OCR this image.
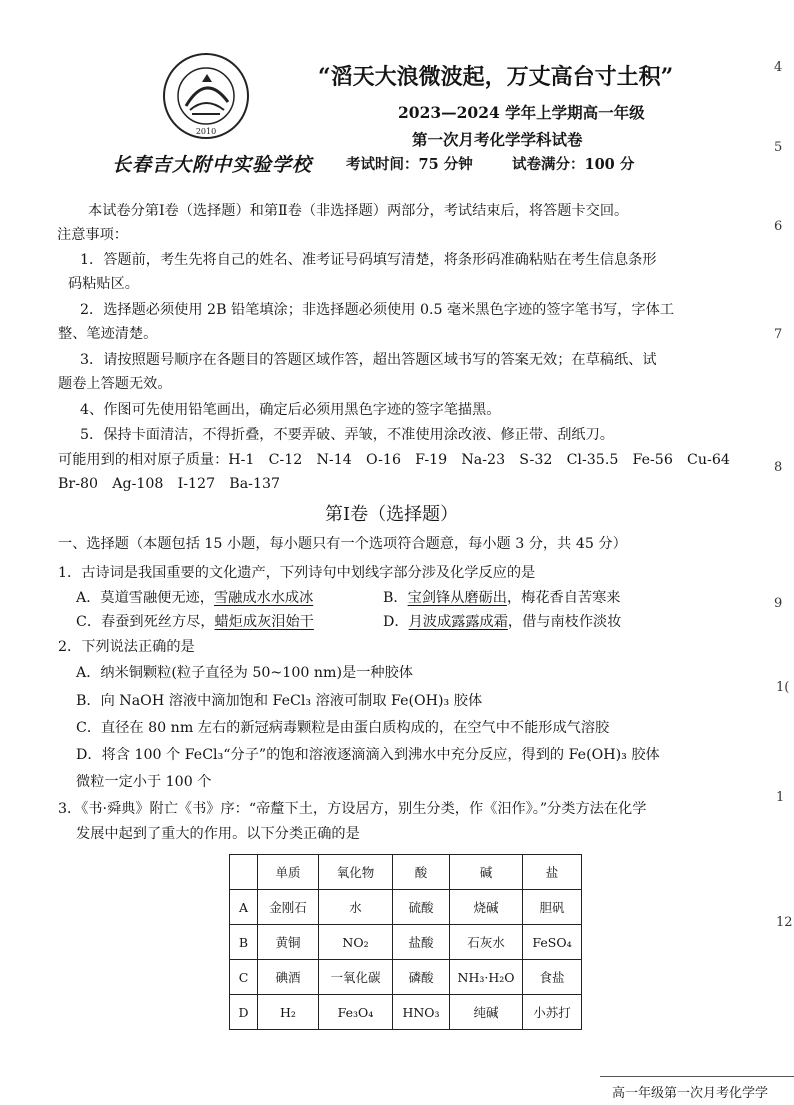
2010
长春吉大附中实验学校
“滔天大浪微波起，万丈高台寸土积”
2023—2024 学年上学期高一年级
第一次月考化学学科试卷
考试时间：75 分钟	试卷满分：100 分
4
5
6
7
8
9
1(
1
12
本试卷分第Ⅰ卷（选择题）和第Ⅱ卷（非选择题）两部分，考试结束后，将答题卡交回。
注意事项：
1．答题前，考生先将自己的姓名、准考证号码填写清楚，将条形码准确粘贴在考生信息条形
码粘贴区。
2．选择题必须使用 2B 铅笔填涂；非选择题必须使用 0.5 毫米黑色字迹的签字笔书写，字体工
整、笔迹清楚。
3．请按照题号顺序在各题目的答题区域作答，超出答题区域书写的答案无效；在草稿纸、试
题卷上答题无效。
4、作图可先使用铅笔画出，确定后必须用黑色字迹的签字笔描黑。
5．保持卡面清洁，不得折叠，不要弄破、弄皱，不准使用涂改液、修正带、刮纸刀。
可能用到的相对原子质量：H-1　C-12　N-14　O-16　F-19　Na-23　S-32　Cl-35.5　Fe-56　Cu-64
Br-80　Ag-108　I-127　Ba-137
第Ⅰ卷（选择题）
一、选择题（本题包括 15 小题，每小题只有一个选项符合题意，每小题 3 分，共 45 分）
1．古诗词是我国重要的文化遗产，下列诗句中划线字部分涉及化学反应的是
A．莫道雪融便无迹，雪融成水水成冰	B．宝剑锋从磨砺出，梅花香自苦寒来
C．春蚕到死丝方尽，蜡炬成灰泪始干	D．月波成露露成霜，借与南枝作淡妆
2．下列说法正确的是
A．纳米铜颗粒(粒子直径为 50~100 nm)是一种胶体
B．向 NaOH 溶液中滴加饱和 FeCl₃ 溶液可制取 Fe(OH)₃ 胶体
C．直径在 80 nm 左右的新冠病毒颗粒是由蛋白质构成的，在空气中不能形成气溶胶
D．将含 100 个 FeCl₃“分子”的饱和溶液逐滴滴入到沸水中充分反应，得到的 Fe(OH)₃ 胶体
微粒一定小于 100 个
3．《书·舜典》附亡《书》序：“帝釐下土，方设居方，别生分类，作《汨作》。”分类方法在化学
发展中起到了重大的作用。以下分类正确的是
	单质	氧化物	酸	碱	盐
A	金刚石	水	硫酸	烧碱	胆矾
B	黄铜	NO₂	盐酸	石灰水	FeSO₄
C	碘酒	一氧化碳	磷酸	NH₃·H₂O	食盐
D	H₂	Fe₃O₄	HNO₃	纯碱	小苏打
高一年级第一次月考化学学
